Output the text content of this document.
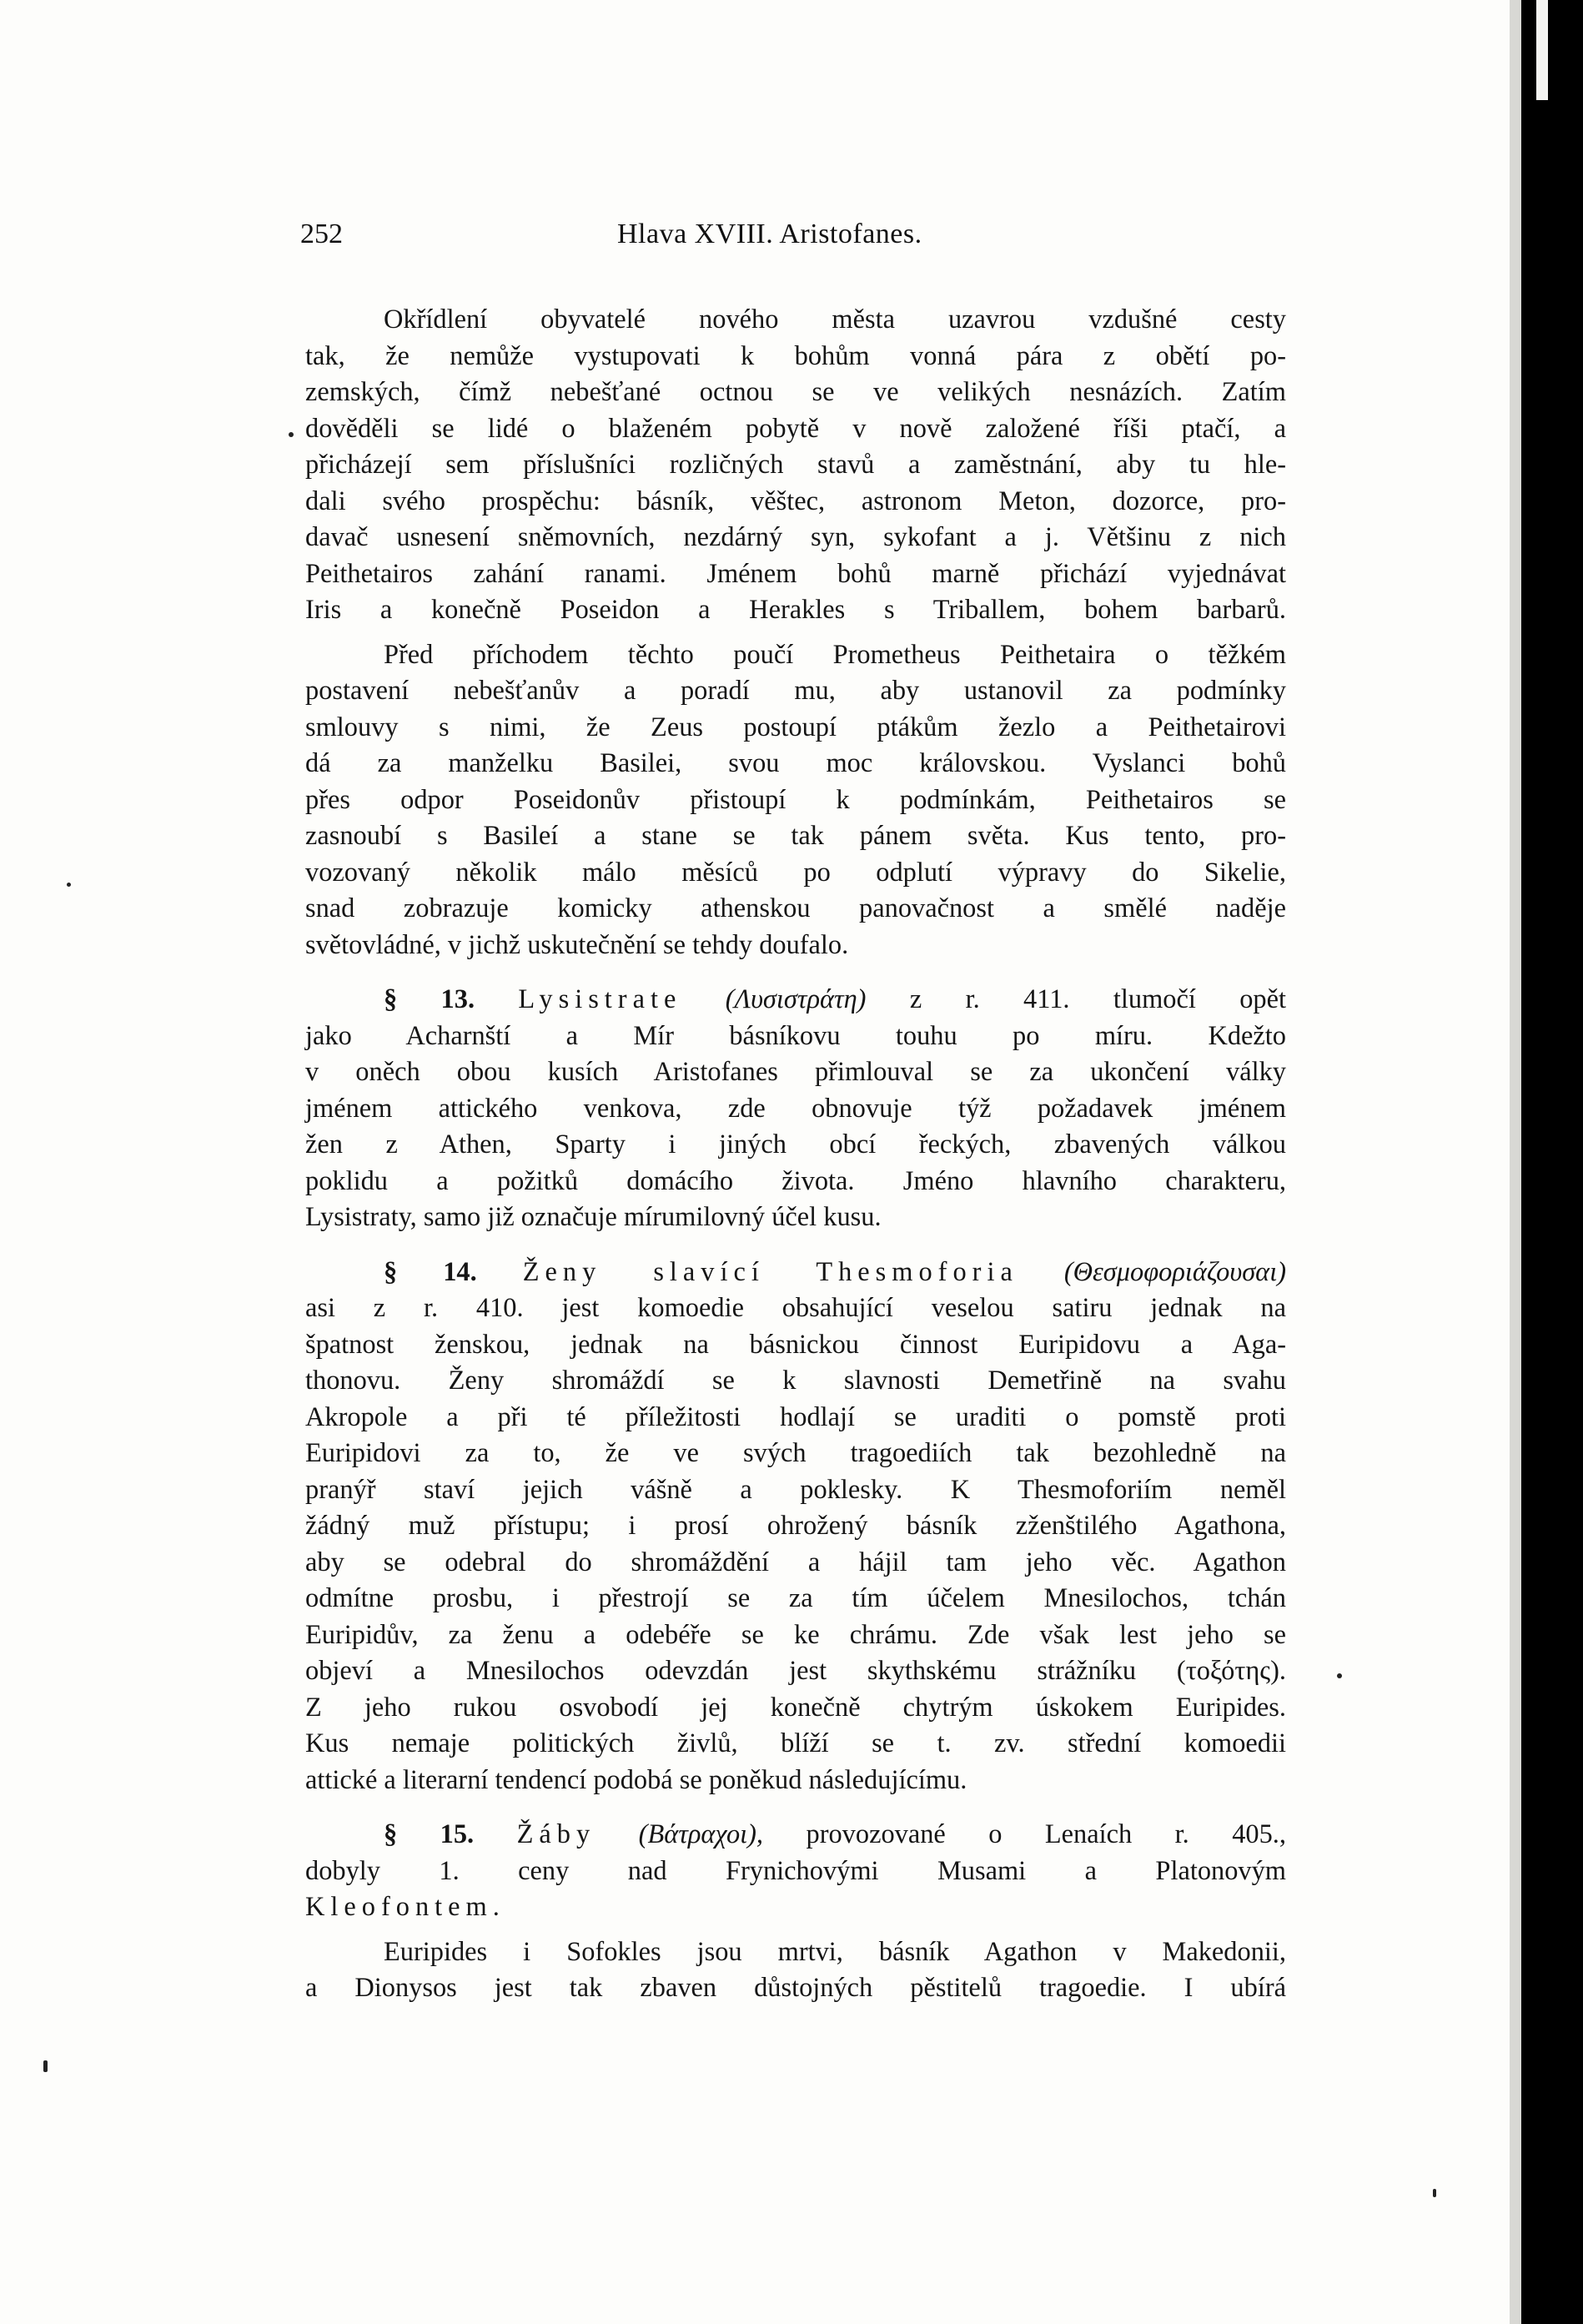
252	Hlava XVIII. Aristofanes.
Okřídlení obyvatelé nového města uzavrou vzdušné cesty
tak, že nemůže vystupovati k bohům vonná pára z obětí po-
zemských, čímž nebešťané octnou se ve velikých nesnázích. Zatím
dověděli se lidé o blaženém pobytě v nově založené říši ptačí, a
přicházejí sem příslušníci rozličných stavů a zaměstnání, aby tu hle-
dali svého prospěchu: básník, věštec, astronom Meton, dozorce, pro-
davač usnesení sněmovních, nezdárný syn, sykofant a j. Většinu z nich
Peithetairos zahání ranami. Jménem bohů marně přichází vyjednávat
Iris a konečně Poseidon a Herakles s Triballem, bohem barbarů.
Před příchodem těchto poučí Prometheus Peithetaira o těžkém
postavení nebešťanův a poradí mu, aby ustanovil za podmínky
smlouvy s nimi, že Zeus postoupí ptákům žezlo a Peithetairovi
dá za manželku Basilei, svou moc královskou. Vyslanci bohů
přes odpor Poseidonův přistoupí k podmínkám, Peithetairos se
zasnoubí s Basileí a stane se tak pánem světa. Kus tento, pro-
vozovaný několik málo měsíců po odplutí výpravy do Sikelie,
snad zobrazuje komicky athenskou panovačnost a smělé naděje
světovládné, v jichž uskutečnění se tehdy doufalo.
§ 13. Lysistrate (Λυσιστράτη) z r. 411. tlumočí opět
jako Acharnští a Mír básníkovu touhu po míru. Kdežto
v oněch obou kusích Aristofanes přimlouval se za ukončení války
jménem attického venkova, zde obnovuje týž požadavek jménem
žen z Athen, Sparty i jiných obcí řeckých, zbavených válkou
poklidu a požitků domácího života. Jméno hlavního charakteru,
Lysistraty, samo již označuje mírumilovný účel kusu.
§ 14. Ženy slavící Thesmoforia (Θεσμοφοριάζουσαι)
asi z r. 410. jest komoedie obsahující veselou satiru jednak na
špatnost ženskou, jednak na básnickou činnost Euripidovu a Aga-
thonovu. Ženy shromáždí se k slavnosti Demetřině na svahu
Akropole a při té příležitosti hodlají se uraditi o pomstě proti
Euripidovi za to, že ve svých tragoediích tak bezohledně na
pranýř staví jejich vášně a poklesky. K Thesmoforiím neměl
žádný muž přístupu; i prosí ohrožený básník zženštilého Agathona,
aby se odebral do shromáždění a hájil tam jeho věc. Agathon
odmítne prosbu, i přestrojí se za tím účelem Mnesilochos, tchán
Euripidův, za ženu a odebéře se ke chrámu. Zde však lest jeho se
objeví a Mnesilochos odevzdán jest skythskému strážníku (τοξότης).
Z jeho rukou osvobodí jej konečně chytrým úskokem Euripides.
Kus nemaje politických živlů, blíží se t. zv. střední komoedii
attické a literarní tendencí podobá se poněkud následujícímu.
§ 15. Žáby (Βάτραχοι), provozované o Lenaích r. 405.,
dobyly 1. ceny nad Frynichovými Musami a Platonovým
Kleofontem.
Euripides i Sofokles jsou mrtvi, básník Agathon v Makedonii,
a Dionysos jest tak zbaven důstojných pěstitelů tragoedie. I ubírá
